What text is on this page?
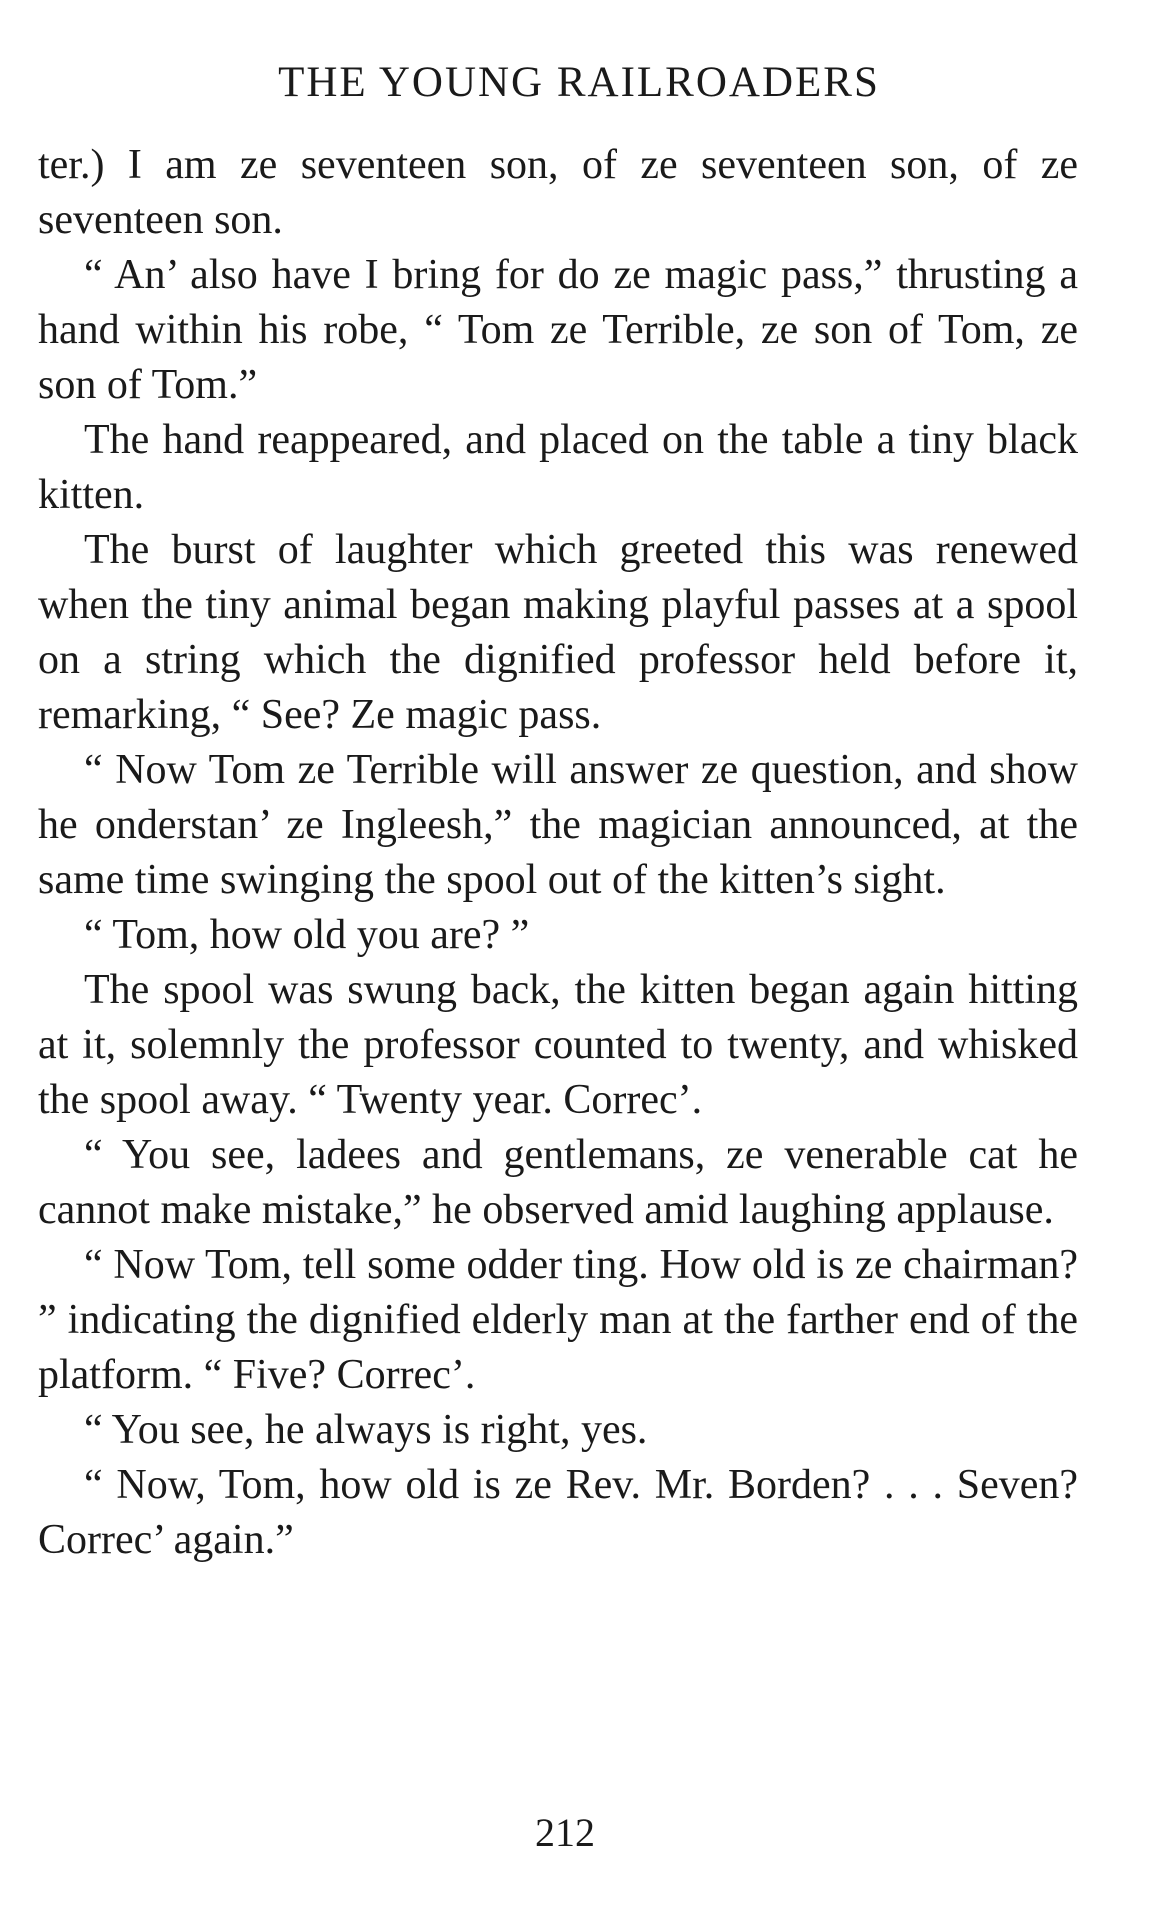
THE YOUNG RAILROADERS

ter.) I am ze seventeen son, of ze seventeen son, of ze seventeen son.

“ An’ also have I bring for do ze magic pass,” thrusting a hand within his robe, “ Tom ze Terrible, ze son of Tom, ze son of Tom.”

The hand reappeared, and placed on the table a tiny black kitten.

The burst of laughter which greeted this was renewed when the tiny animal began making playful passes at a spool on a string which the dignified professor held before it, remarking, “ See? Ze magic pass.

“ Now Tom ze Terrible will answer ze question, and show he onderstan’ ze Ingleesh,” the magician announced, at the same time swinging the spool out of the kitten’s sight.

“ Tom, how old you are? ”

The spool was swung back, the kitten began again hitting at it, solemnly the professor counted to twenty, and whisked the spool away. “ Twenty year. Correc’.

“ You see, ladees and gentlemans, ze venerable cat he cannot make mistake,” he observed amid laughing applause.

“ Now Tom, tell some odder ting. How old is ze chairman? ” indicating the dignified elderly man at the farther end of the platform. “ Five? Correc’.

“ You see, he always is right, yes.

“ Now, Tom, how old is ze Rev. Mr. Borden? . . . Seven? Correc’ again.”

212
